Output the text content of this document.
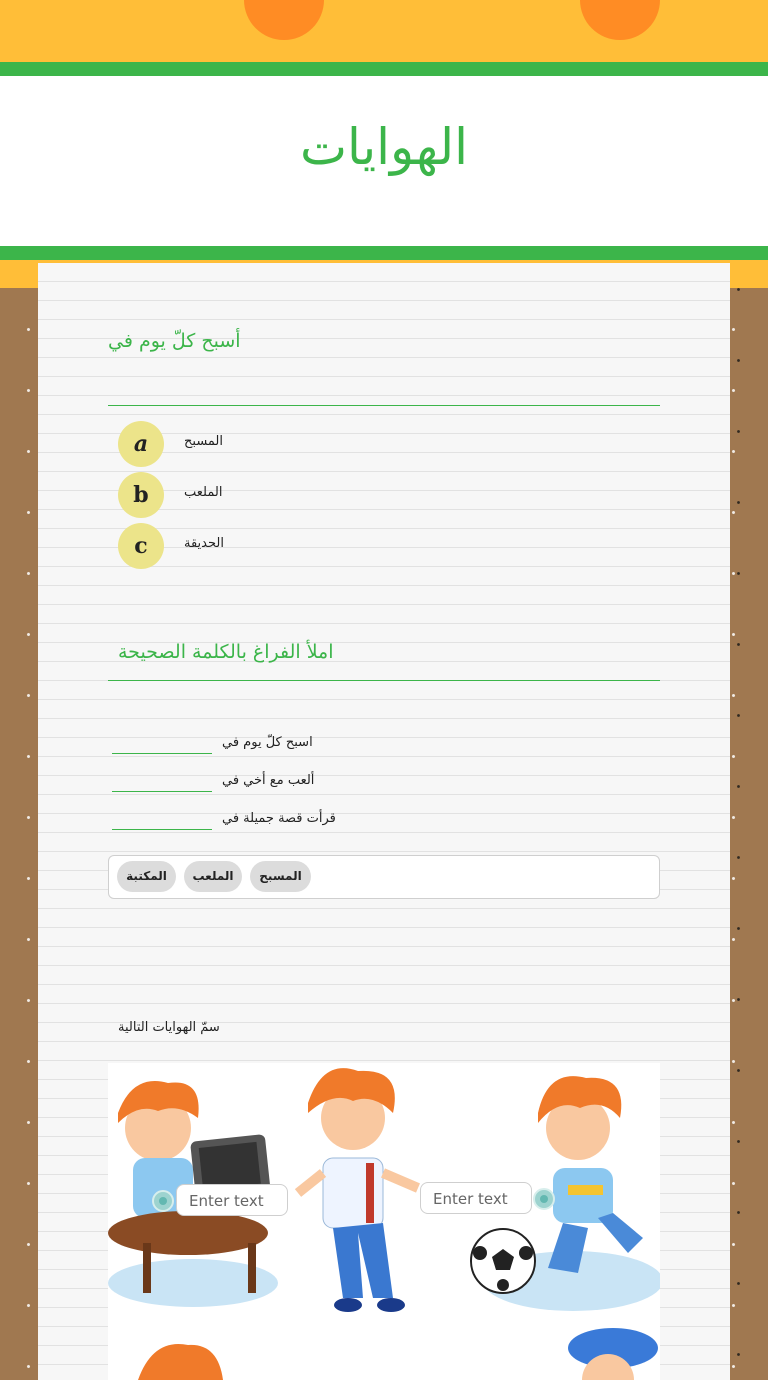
الهوايات
أسبح كلّ يوم في
a	المسبح
b	الملعب
c	الحديقة
املأ الفراغ بالكلمة الصحيحة
اسبح كلّ يوم في
ألعب مع أخي في
قرأت قصة جميلة في
المكتبة	الملعب	المسبح
سمّ الهوايات التالية
Enter text	Enter text
